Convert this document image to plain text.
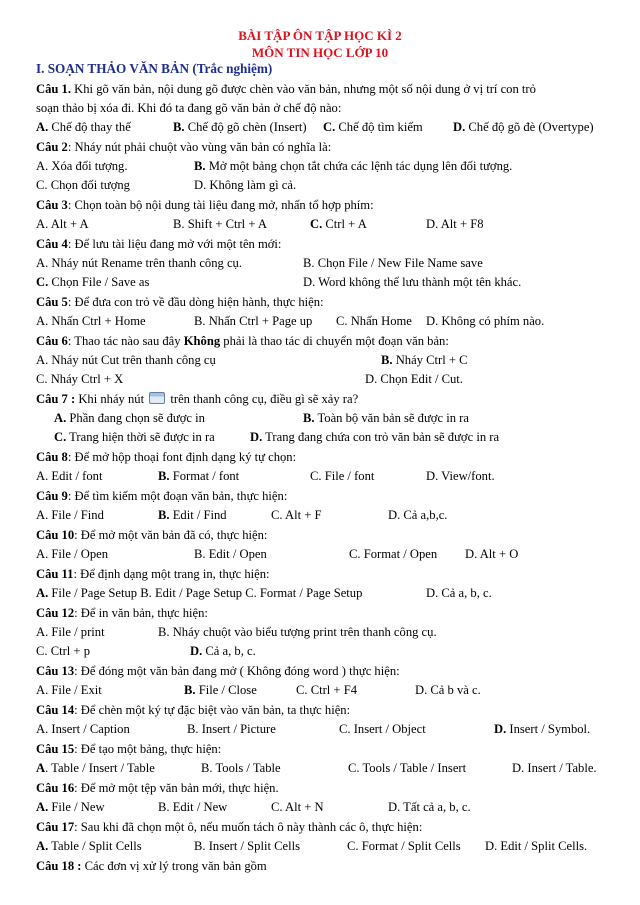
BÀI TẬP ÔN TẬP HỌC KÌ 2
MÔN TIN HỌC LỚP 10
I. SOẠN THẢO VĂN BẢN (Trắc nghiệm)
Câu 1. Khi gõ văn bản, nội dung gõ được chèn vào văn bản, nhưng một số nội dung ở vị trí con trỏ
soạn thảo bị xóa đi. Khi đó ta đang gõ văn bản ở chế độ nào:
A. Chế độ thay thế	B. Chế độ gõ chèn (Insert) C. Chế độ tìm kiếm D. Chế độ gõ đè (Overtype)
Câu 2: Nháy nút phải chuột vào vùng văn bản có nghĩa là:
A. Xóa đối tượng.	B. Mở một bảng chọn tắt chứa các lệnh tác dụng lên đối tượng.
C. Chọn đối tượng	D. Không làm gì cả.
Câu 3: Chọn toàn bộ nội dung tài liệu đang mở, nhấn tổ hợp phím:
A. Alt + A	B. Shift + Ctrl + A	C. Ctrl + A	D. Alt + F8
Câu 4: Để lưu tài liệu đang mở với một tên mới:
A. Nháy nút Rename trên thanh công cụ.	B. Chọn File / New File Name save
C. Chọn File / Save as	D. Word không thể lưu thành một tên khác.
Câu 5: Để đưa con trỏ về đầu dòng hiện hành, thực hiện:
A. Nhấn Ctrl + Home	B. Nhấn Ctrl + Page up C. Nhấn Home D. Không có phím nào.
Câu 6: Thao tác nào sau đây Không phải là thao tác di chuyển một đoạn văn bản:
A. Nháy nút Cut trên thanh công cụ	B. Nháy Ctrl + C
C. Nháy Ctrl + X	D. Chọn Edit / Cut.
Câu 7 : Khi nháy nút  trên thanh công cụ, điều gì sẽ xảy ra?
A. Phần đang chọn sẽ được in	B. Toàn bộ văn bản sẽ được in ra
C. Trang hiện thời sẽ được in ra	D. Trang đang chứa con trỏ văn bản sẽ được in ra
Câu 8: Để mở hộp thoại font định dạng ký tự chọn:
A. Edit / font	B. Format / font	C. File / font	D. View/font.
Câu 9: Để tìm kiếm một đoạn văn bản, thực hiện:
A. File / Find	B. Edit / Find	C. Alt + F	D. Cả a,b,c.
Câu 10: Để mở một văn bản đã có, thực hiện:
A. File / Open	B. Edit / Open	C. Format / Open D. Alt + O
Câu 11: Để định dạng một trang in, thực hiện:
A. File / Page Setup B. Edit / Page Setup C. Format / Page Setup	D. Cả a, b, c.
Câu 12: Để in văn bản, thực hiện:
A. File / print	B. Nháy chuột vào biểu tượng print trên thanh công cụ.
C. Ctrl + p	D. Cả a, b, c.
Câu 13: Để đóng một văn bản đang mở ( Không đóng word ) thực hiện:
A. File / Exit	B. File / Close	C. Ctrl + F4	D. Cả b và c.
Câu 14: Để chèn một ký tự đặc biệt vào văn bản, ta thực hiện:
A. Insert / Caption	B. Insert / Picture	C. Insert / Object	D. Insert / Symbol.
Câu 15: Để tạo một bảng, thực hiện:
A. Table / Insert / Table	B. Tools / Table	C. Tools / Table / Insert	D. Insert / Table.
Câu 16: Để mở một tệp văn bản mới, thực hiện.
A. File / New	B. Edit / New	C. Alt + N	D. Tất cả a, b, c.
Câu 17: Sau khi đã chọn một ô, nếu muốn tách ô này thành các ô, thực hiện:
A. Table / Split Cells	B. Insert / Split Cells	C. Format / Split Cells D. Edit / Split Cells.
Câu 18 : Các đơn vị xử lý trong văn bản gồm
